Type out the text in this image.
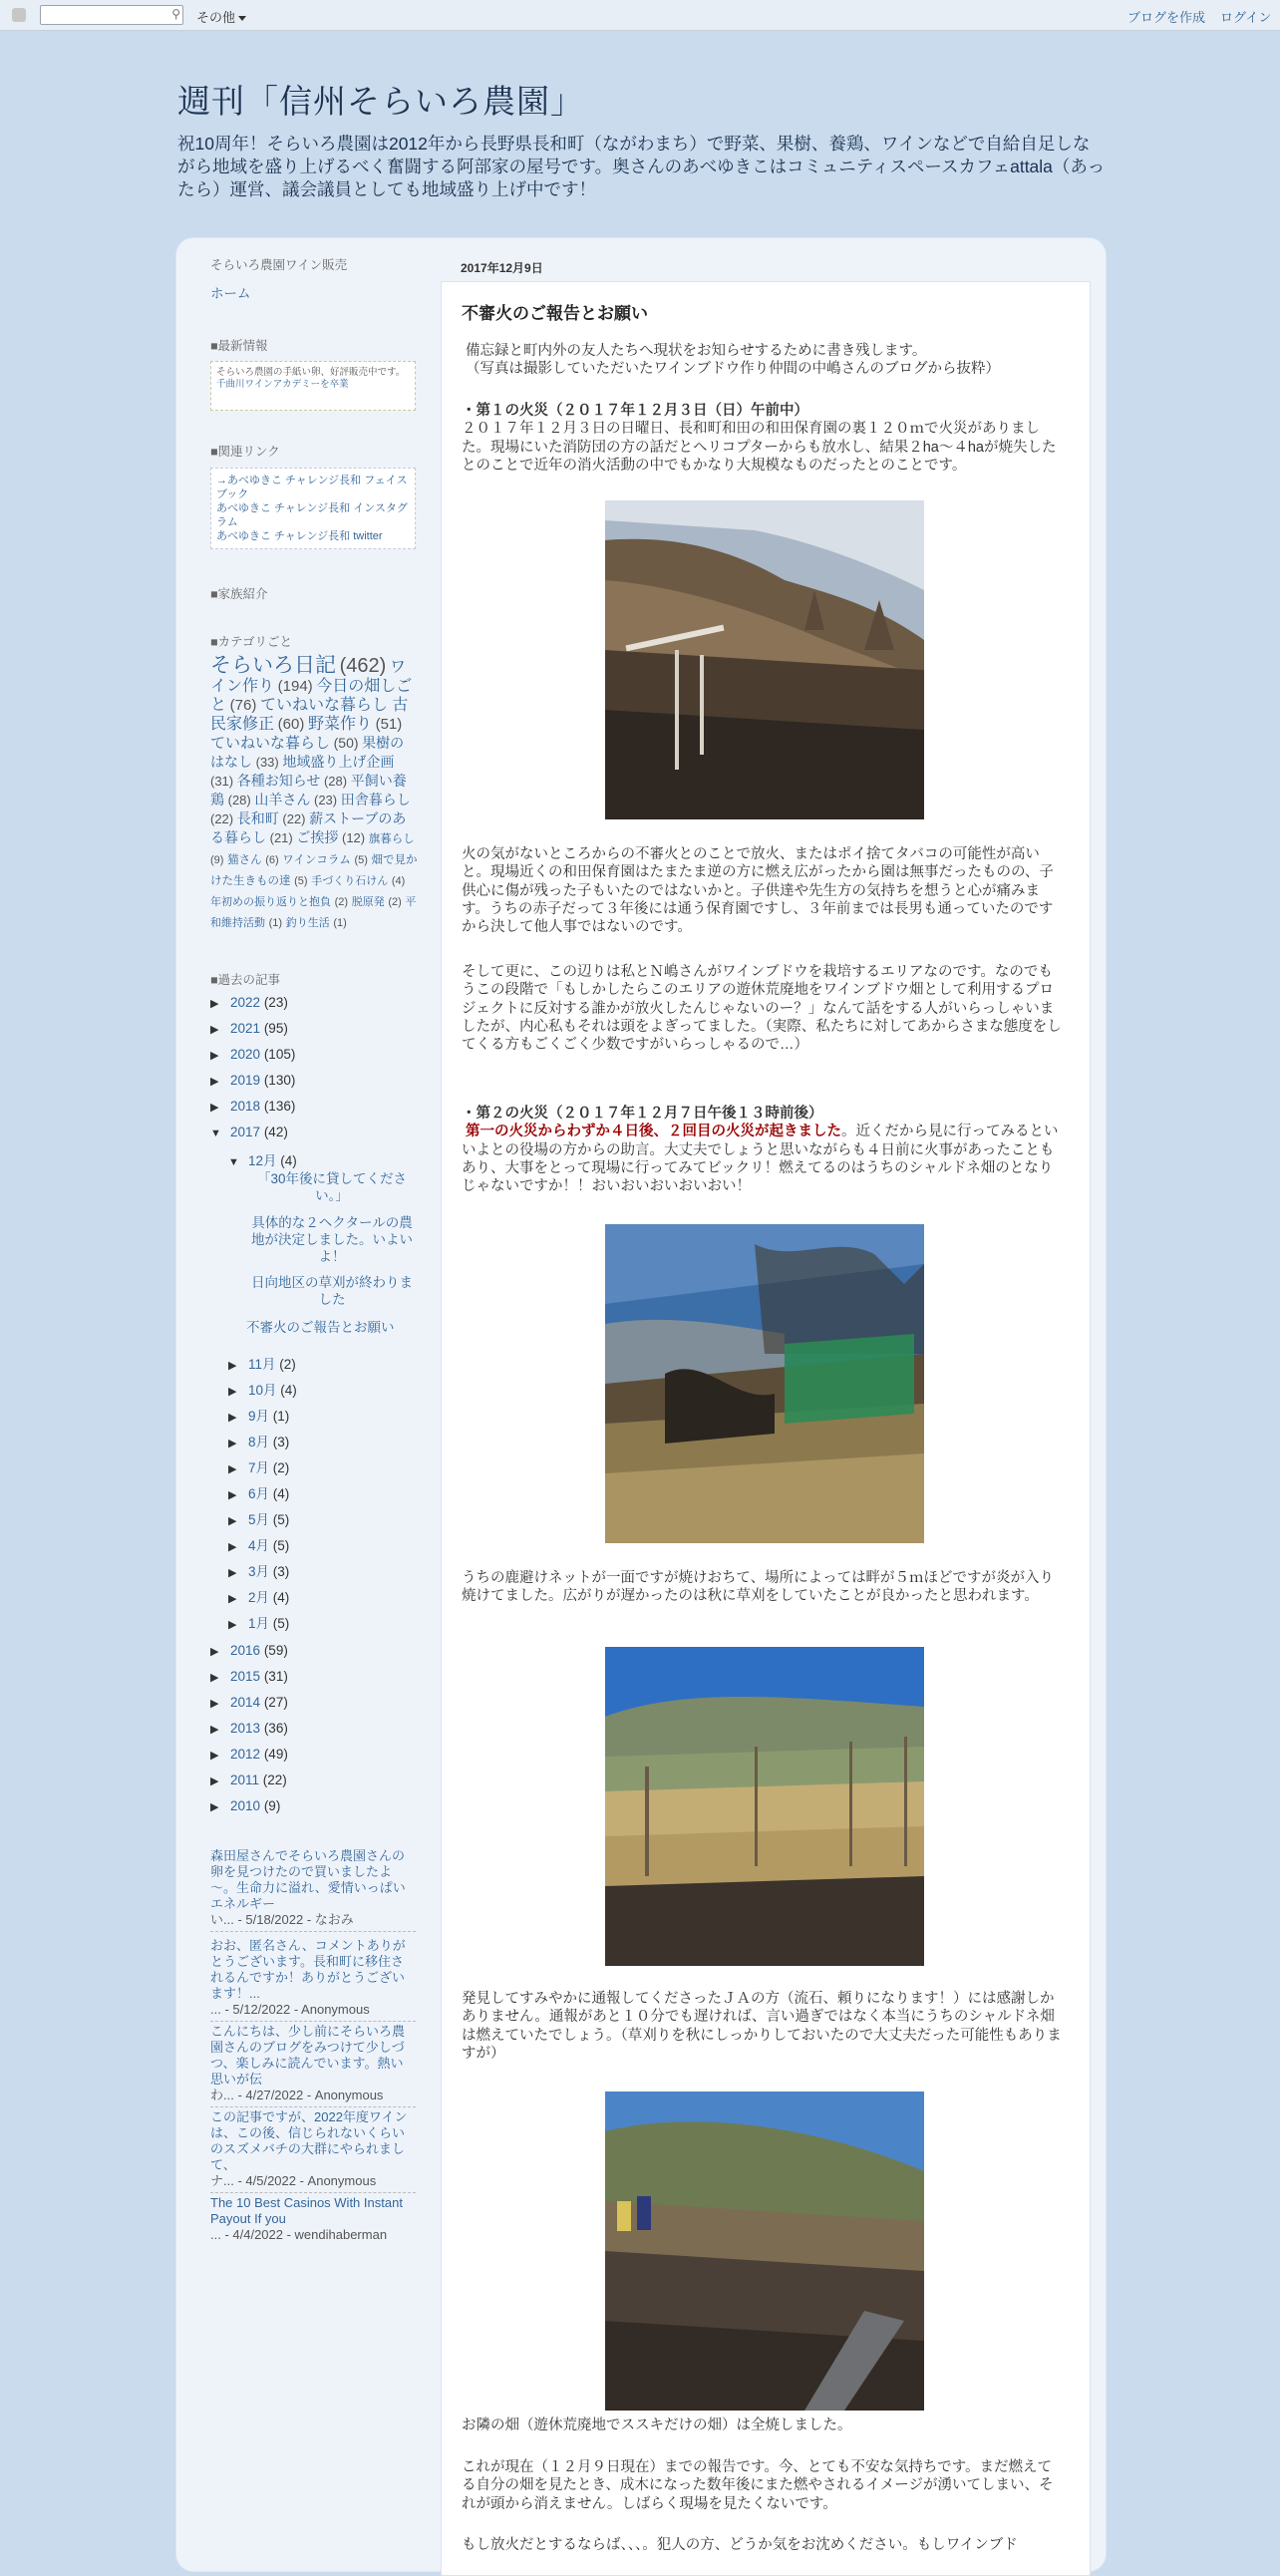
⚲ その他	ブログを作成 ログイン
週刊「信州そらいろ農園」
祝10周年！そらいろ農園は2012年から長野県長和町（ながわまち）で野菜、果樹、養鶏、ワインなどで自給自足しながら地域を盛り上げるべく奮闘する阿部家の屋号です。奥さんのあべゆきこはコミュニティスペースカフェattala（あったら）運営、議会議員としても地域盛り上げ中です！
そらいろ農園ワイン販売
ホーム
■最新情報
そらいろ農園の手紙い卵、好評販売中です。
千曲川ワインアカデミーを卒業
■関連リンク
→あべゆきこ チャレンジ長和 フェイスブック
あべゆきこ チャレンジ長和 インスタグラム
あべゆきこ チャレンジ長和 twitter
■家族紹介
■カテゴリごと
そらいろ日記 (462) ワイン作り (194) 今日の畑しごと (76) ていねいな暮らし 古民家修正 (60) 野菜作り (51) ていねいな暮らし (50) 果樹のはなし (33) 地域盛り上げ企画 (31) 各種お知らせ (28) 平飼い養鶏 (28) 山羊さん (23) 田舎暮らし (22) 長和町 (22) 薪ストーブのある暮らし (21) ご挨拶 (12) 旗暮らし (9) 猫さん (6) ワインコラム (5) 畑で見かけた生きもの達 (5) 手づくり石けん (4) 年初めの振り返りと抱負 (2) 脱原発 (2) 平和維持活動 (1) 釣り生活 (1)
■過去の記事
▶ 2022 (23)
▶ 2021 (95)
▶ 2020 (105)
▶ 2019 (130)
▶ 2018 (136)
▼ 2017 (42)
▼ 12月 (4)
「30年後に貸してください。」
具体的な２ヘクタールの農地が決定しました。いよいよ！
日向地区の草刈が終わりました
不審火のご報告とお願い
▶ 11月 (2)
▶ 10月 (4)
▶ 9月 (1)
▶ 8月 (3)
▶ 7月 (2)
▶ 6月 (4)
▶ 5月 (5)
▶ 4月 (5)
▶ 3月 (3)
▶ 2月 (4)
▶ 1月 (5)
▶ 2016 (59)
▶ 2015 (31)
▶ 2014 (27)
▶ 2013 (36)
▶ 2012 (49)
▶ 2011 (22)
▶ 2010 (9)
森田屋さんでそらいろ農園さんの卵を見つけたので買いましたよ～。生命力に溢れ、愛情いっぱいエネルギー
い... - 5/18/2022 - なおみ
おお、匿名さん、コメントありがとうございます。長和町に移住されるんですか！ありがとうございます！...
... - 5/12/2022 - Anonymous
こんにちは、少し前にそらいろ農園さんのブログをみつけて少しづつ、楽しみに読んでいます。熱い思いが伝
わ... - 4/27/2022 - Anonymous
この記事ですが、2022年度ワインは、この後、信じられないくらいのスズメバチの大群にやられまして、
ナ... - 4/5/2022 - Anonymous
The 10 Best Casinos With Instant Payout If you
... - 4/4/2022 - wendihaberman
2017年12月9日
不審火のご報告とお願い
備忘録と町内外の友人たちへ現状をお知らせするために書き残します。
（写真は撮影していただいたワインブドウ作り仲間の中嶋さんのブログから抜粋）
・第１の火災（２０１７年１２月３日（日）午前中）
２０１７年１２月３日の日曜日、長和町和田の和田保育園の裏１２０ｍで火災がありました。現場にいた消防団の方の話だとヘリコプターからも放水し、結果２ha～４haが焼失したとのことで近年の消火活動の中でもかなり大規模なものだったとのことです。
火の気がないところからの不審火とのことで放火、またはポイ捨てタバコの可能性が高いと。現場近くの和田保育園はたまたま逆の方に燃え広がったから園は無事だったものの、子供心に傷が残った子もいたのではないかと。子供達や先生方の気持ちを想うと心が痛みます。うちの赤子だって３年後には通う保育園ですし、３年前までは長男も通っていたのですから決して他人事ではないのです。
そして更に、この辺りは私とＮ嶋さんがワインブドウを栽培するエリアなのです。なのでもうこの段階で「もしかしたらこのエリアの遊休荒廃地をワインブドウ畑として利用するプロジェクトに反対する誰かが放火したんじゃないのー？」なんて話をする人がいらっしゃいましたが、内心私もそれは頭をよぎってました。（実際、私たちに対してあからさまな態度をしてくる方もごくごく少数ですがいらっしゃるので…）
・第２の火災（２０１７年１２月７日午後１３時前後）
第一の火災からわずか４日後、２回目の火災が起きました。近くだから見に行ってみるといいよとの役場の方からの助言。大丈夫でしょうと思いながらも４日前に火事があったこともあり、大事をとって現場に行ってみてビックリ！燃えてるのはうちのシャルドネ畑のとなりじゃないですか！！おいおいおいおいおい！
うちの鹿避けネットが一面ですが焼けおちて、場所によっては畔が５ｍほどですが炎が入り焼けてました。広がりが遅かったのは秋に草刈をしていたことが良かったと思われます。
発見してすみやかに通報してくださったＪＡの方（流石、頼りになります！）には感謝しかありません。通報があと１０分でも遅ければ、言い過ぎではなく本当にうちのシャルドネ畑は燃えていたでしょう。（草刈りを秋にしっかりしておいたので大丈夫だった可能性もありますが）
お隣の畑（遊休荒廃地でススキだけの畑）は全焼しました。
これが現在（１２月９日現在）までの報告です。今、とても不安な気持ちです。まだ燃えてる自分の畑を見たとき、成木になった数年後にまた燃やされるイメージが湧いてしまい、それが頭から消えません。しばらく現場を見たくないです。
もし放火だとするならば、、、。犯人の方、どうか気をお沈めください。もしワインブド
